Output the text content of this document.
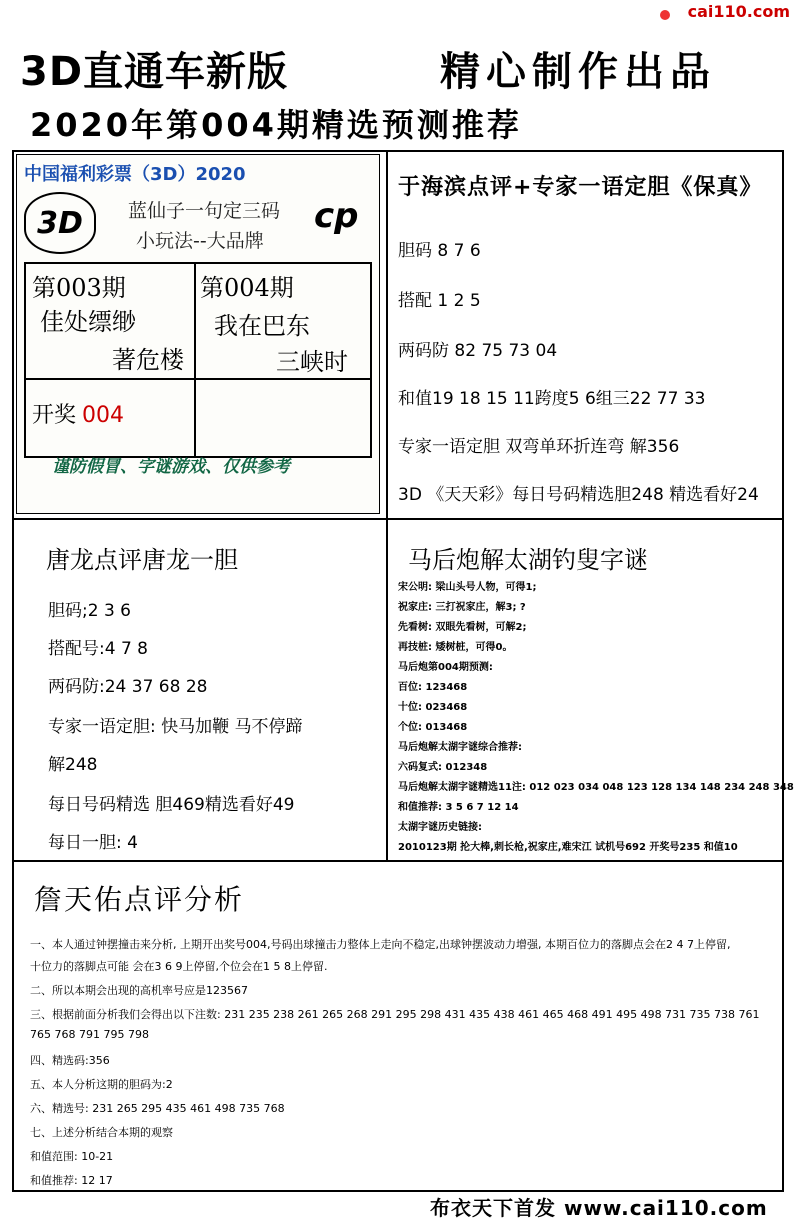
cai110.com
3D直通车新版	精心制作出品
2020年第004期精选预测推荐
中国福利彩票（3D）2020
3D	蓝仙子一句定三码
小玩法--大品牌
cp
第003期
佳处缥缈
著危楼
第004期
我在巴东
三峡时
开奖 004
谨防假冒、字谜游戏、仅供参考
于海滨点评+专家一语定胆《保真》
胆码 8 7 6
搭配 1 2 5
两码防 82 75 73 04
和值19 18 15 11跨度5 6组三22 77 33
专家一语定胆 双弯单环折连弯 解356
3D 《天天彩》每日号码精选胆248 精选看好24
唐龙点评唐龙一胆
胆码;2 3 6
搭配号:4 7 8
两码防:24 37 68 28
专家一语定胆: 快马加鞭 马不停蹄
解248
每日号码精选 胆469精选看好49
每日一胆: 4
马后炮解太湖钓叟字谜
宋公明: 梁山头号人物，可得1;
祝家庄: 三打祝家庄，解3; ?
先看树: 双眼先看树，可解2;
再技桩: 矮树桩，可得0。
马后炮第004期预测:
百位: 123468
十位: 023468
个位: 013468
马后炮解太湖字谜综合推荐:
六码复式: 012348
马后炮解太湖字谜精选11注: 012 023 034 048 123 128 134 148 234 248 348
和值推荐: 3 5 6 7 12 14
太湖字谜历史链接:
2010123期 抡大棒,刺长枪,祝家庄,难宋江 试机号692 开奖号235 和值10
詹天佑点评分析
一、本人通过钟摆撞击来分析, 上期开出奖号004,号码出球撞击力整体上走向不稳定,出球钟摆波动力增强, 本期百位力的落脚点会在2 4 7上停留,
十位力的落脚点可能 会在3 6 9上停留,个位会在1 5 8上停留.
二、所以本期会出现的高机率号应是123567
三、根据前面分析我们会得出以下注数: 231 235 238 261 265 268 291 295 298 431 435 438 461 465 468 491 495 498 731 735 738 761
765 768 791 795 798
四、精选码:356
五、本人分析这期的胆码为:2
六、精选号: 231 265 295 435 461 498 735 768
七、上述分析结合本期的观察
和值范围: 10-21
和值推荐: 12 17
布衣天下首发 www.cai110.com
